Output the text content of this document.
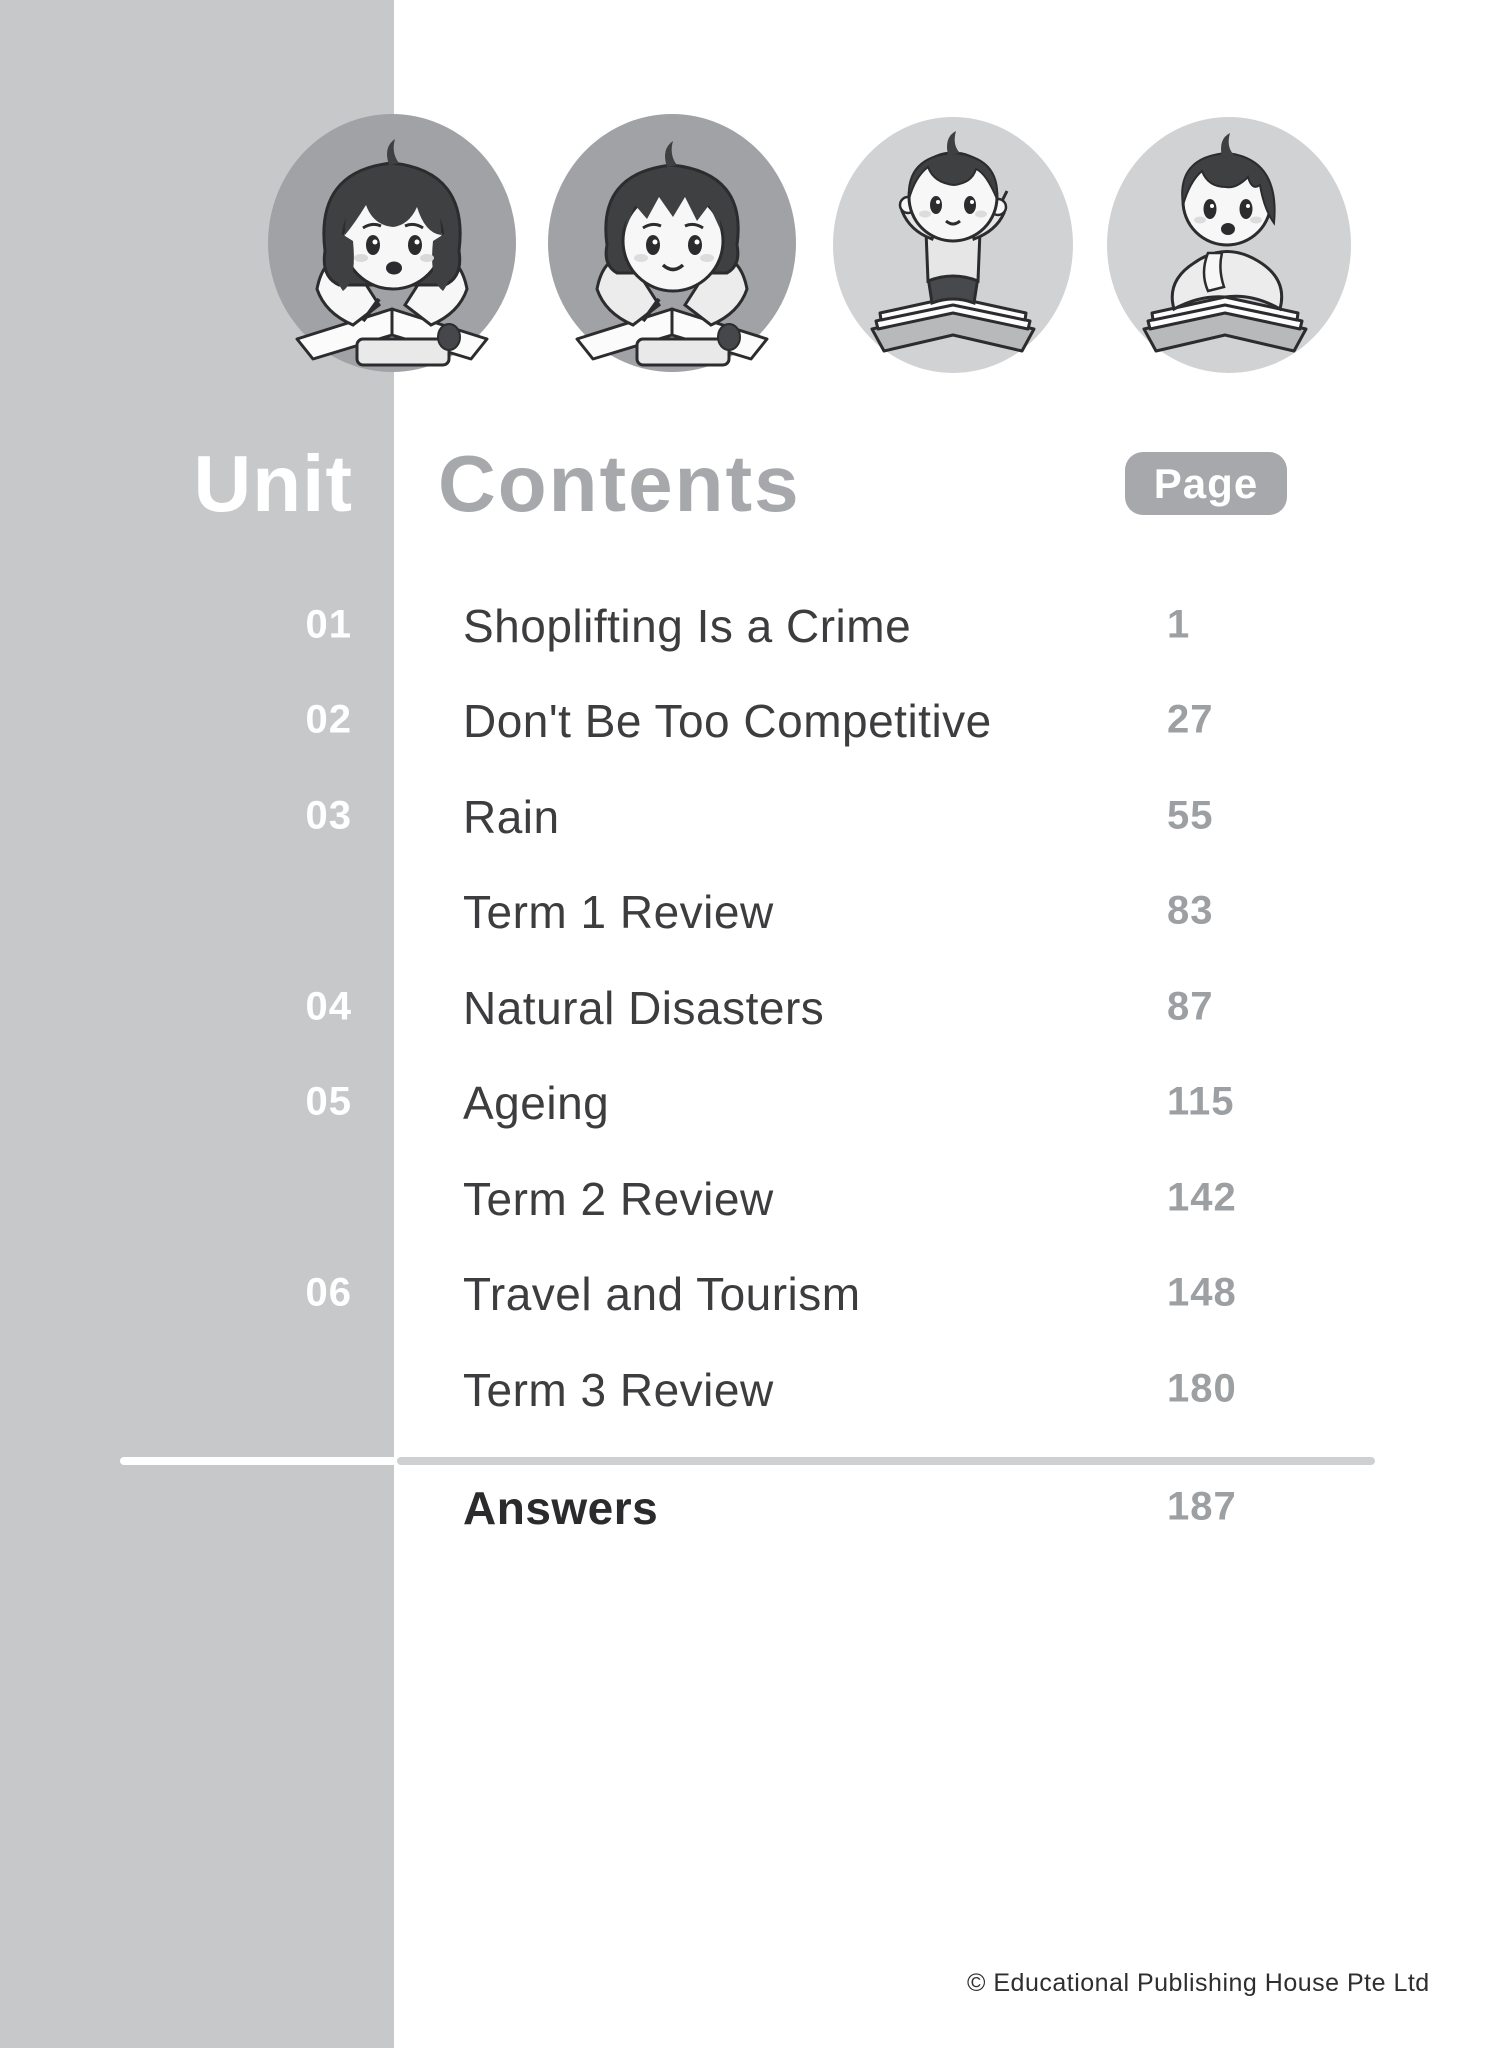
Unit Contents	Page
01 Shoplifting Is a Crime	1
02 Don't Be Too Competitive	27
03 Rain	55
Term 1 Review	83
04 Natural Disasters	87
05 Ageing	115
Term 2 Review	142
06 Travel and Tourism	148
Term 3 Review	180
Answers	187
© Educational Publishing House Pte Ltd
